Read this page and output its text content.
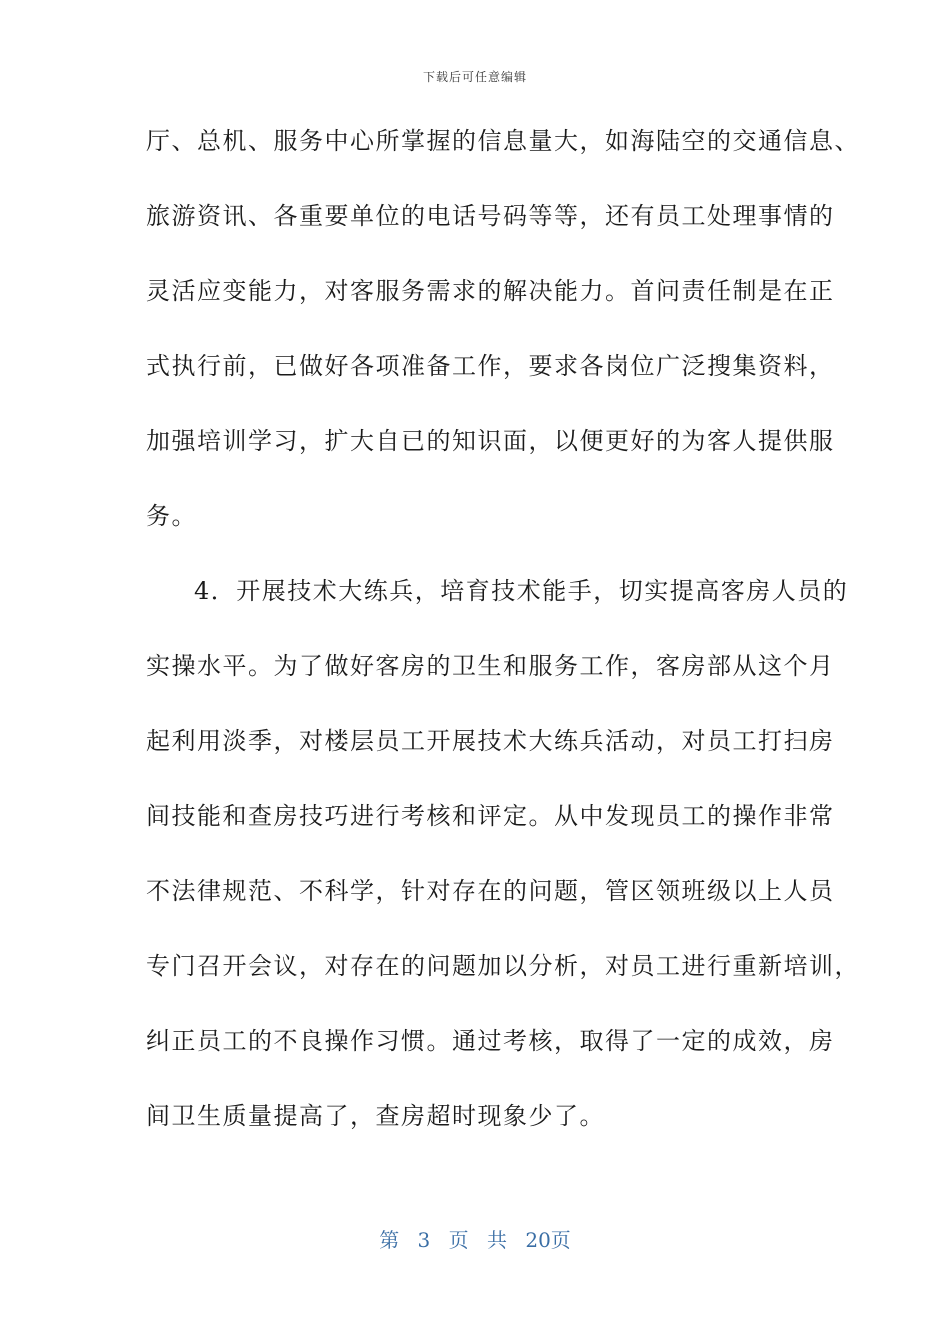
下载后可任意编辑
厅、总机、服务中心所掌握的信息量大，如海陆空的交通信息、
旅游资讯、各重要单位的电话号码等等，还有员工处理事情的
灵活应变能力，对客服务需求的解决能力。首问责任制是在正
式执行前，已做好各项准备工作，要求各岗位广泛搜集资料，
加强培训学习，扩大自已的知识面，以便更好的为客人提供服
务。
4．开展技术大练兵，培育技术能手，切实提高客房人员的
实操水平。为了做好客房的卫生和服务工作，客房部从这个月
起利用淡季，对楼层员工开展技术大练兵活动，对员工打扫房
间技能和查房技巧进行考核和评定。从中发现员工的操作非常
不法律规范、不科学，针对存在的问题，管区领班级以上人员
专门召开会议，对存在的问题加以分析，对员工进行重新培训，
纠正员工的不良操作习惯。通过考核，取得了一定的成效，房
间卫生质量提高了，查房超时现象少了。
第 3 页 共 20页
